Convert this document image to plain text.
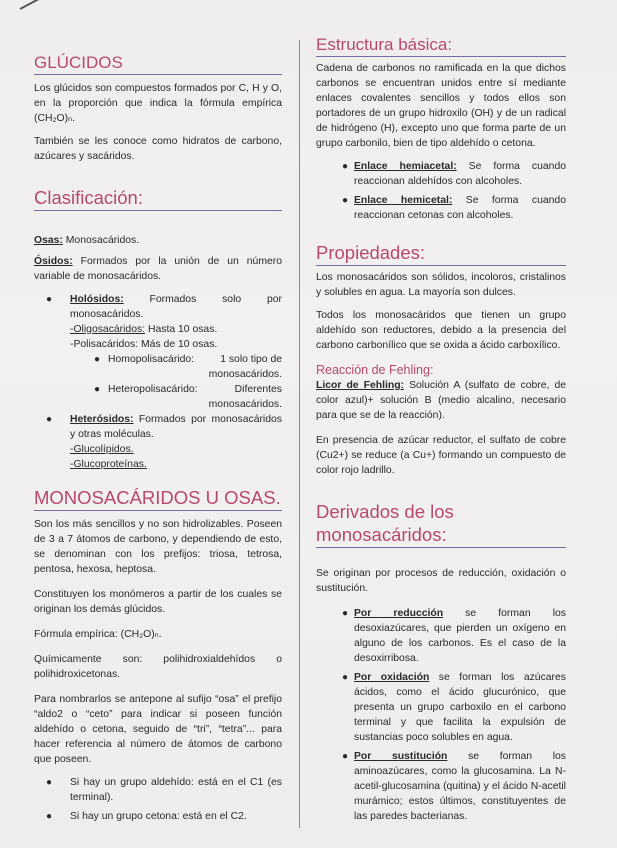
GLÚCIDOS

Los glúcidos son compuestos formados por C, H y O, en la proporción que indica la fórmula empírica (CH₂O)ₙ.

También se les conoce como hidratos de carbono, azúcares y sacáridos.

Clasificación:

Osas: Monosacáridos.

Ósidos: Formados por la unión de un número variable de monosacáridos.

● Holósidos: Formados solo por monosacáridos.
-Oligosacáridos: Hasta 10 osas.
-Polisacáridos: Más de 10 osas.
● Homopolisacárido:	1 solo tipo de monosacáridos.
● Heteropolisacárido:	Diferentes monosacáridos.
● Heterósidos: Formados por monosacáridos y otras moléculas.
-Glucolípidos.
-Glucoproteínas.
MONOSACÁRIDOS U OSAS.

Son los más sencillos y no son hidrolizables. Poseen de 3 a 7 átomos de carbono, y dependiendo de esto, se denominan con los prefijos: triosa, tetrosa, pentosa, hexosa, heptosa.

Constituyen los monómeros a partir de los cuales se originan los demás glúcidos.

Fórmula empírica: (CH₂O)ₙ.

Químicamente son: polihidroxialdehídos o polihidroxicetonas.

Para nombrarlos se antepone al sufijo “osa” el prefijo “aldo2 o “ceto” para indicar si poseen función aldehído o cetona, seguido de “tri”, “tetra”... para hacer referencia al número de átomos de carbono que poseen.

● Si hay un grupo aldehído: está en el C1 (es terminal).
● Si hay un grupo cetona: está en el C2.
Estructura básica:

Cadena de carbonos no ramificada en la que dichos carbonos se encuentran unidos entre sí mediante enlaces covalentes sencillos y todos ellos son portadores de un grupo hidroxilo (OH) y de un radical de hidrógeno (H), excepto uno que forma parte de un grupo carbonilo, bien de tipo aldehído o cetona.

● Enlace hemiacetal: Se forma cuando reaccionan aldehídos con alcoholes.
● Enlace hemicetal: Se forma cuando reaccionan cetonas con alcoholes.
Propiedades:

Los monosacáridos son sólidos, incoloros, cristalinos y solubles en agua. La mayoría son dulces.

Todos los monosacáridos que tienen un grupo aldehído son reductores, debido a la presencia del carbono carbonílico que se oxida a ácido carboxílico.

Reacción de Fehling:

Licor de Fehling: Solución A (sulfato de cobre, de color azul)+ solución B (medio alcalino, necesario para que se de la reacción).

En presencia de azúcar reductor, el sulfato de cobre (Cu2+) se reduce (a Cu+) formando un compuesto de color rojo ladrillo.

Derivados de los monosacáridos:

Se originan por procesos de reducción, oxidación o sustitución.

● Por reducción se forman los desoxiazúcares, que pierden un oxígeno en alguno de los carbonos. Es el caso de la desoxirribosa.
● Por oxidación se forman los azúcares ácidos, como el ácido glucurónico, que presenta un grupo carboxilo en el carbono terminal y que facilita la expulsión de sustancias poco solubles en agua.
● Por sustitución se forman los aminoazúcares, como la glucosamina. La N-acetil-glucosamina (quitina) y el ácido N-acetil murámico; estos últimos, constituyentes de las paredes bacterianas.
